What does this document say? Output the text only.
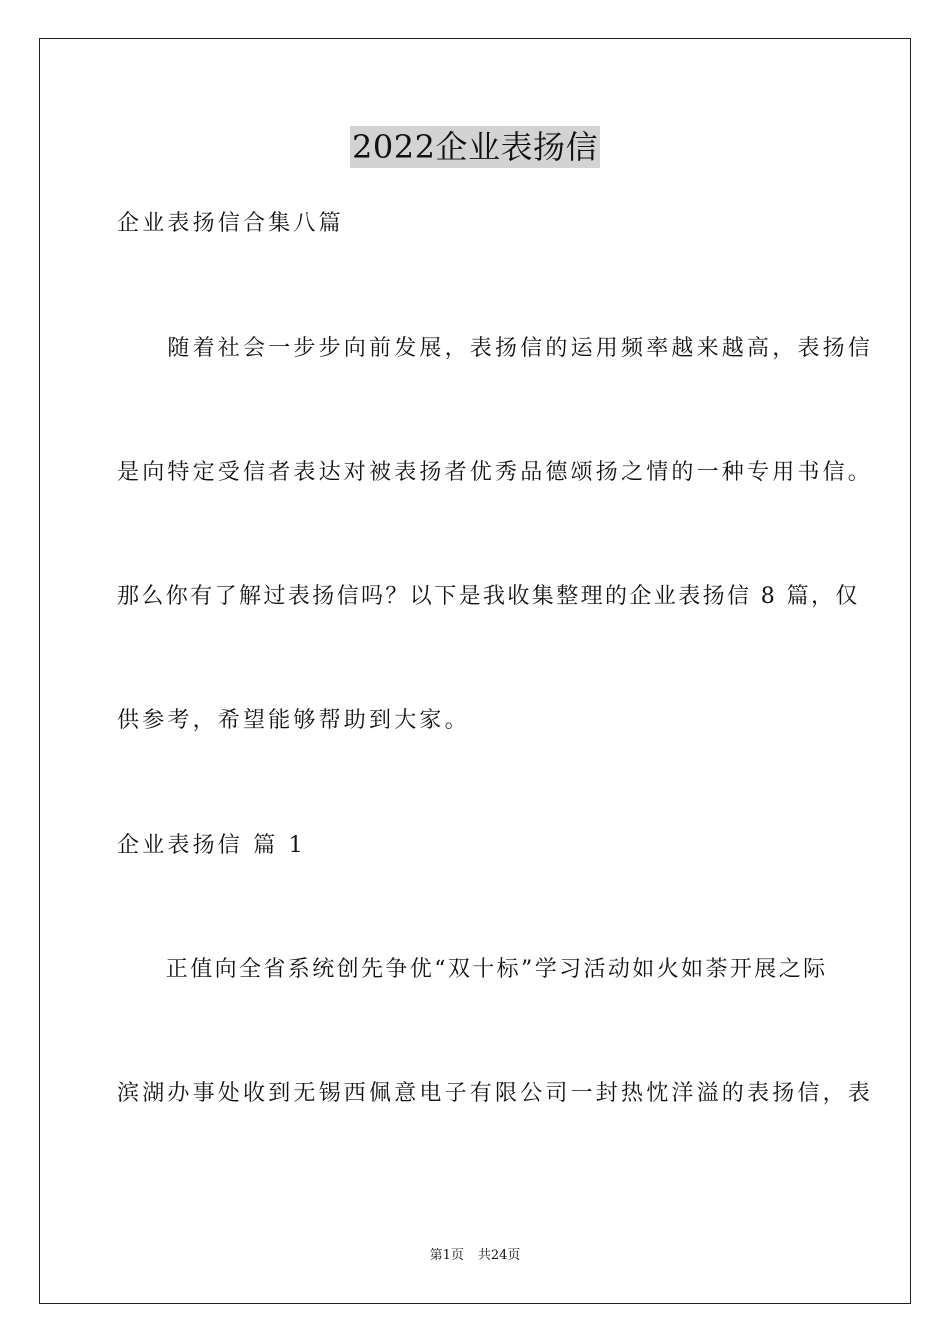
2022企业表扬信
企业表扬信合集八篇
　　随着社会一步步向前发展，表扬信的运用频率越来越高，表扬信
是向特定受信者表达对被表扬者优秀品德颂扬之情的一种专用书信。
那么你有了解过表扬信吗？以下是我收集整理的企业表扬信 8 篇，仅
供参考，希望能够帮助到大家。
企业表扬信 篇 1
　　正值向全省系统创先争优“双十标”学习活动如火如荼开展之际
滨湖办事处收到无锡西佩意电子有限公司一封热忱洋溢的表扬信，表
第1页 共24页
